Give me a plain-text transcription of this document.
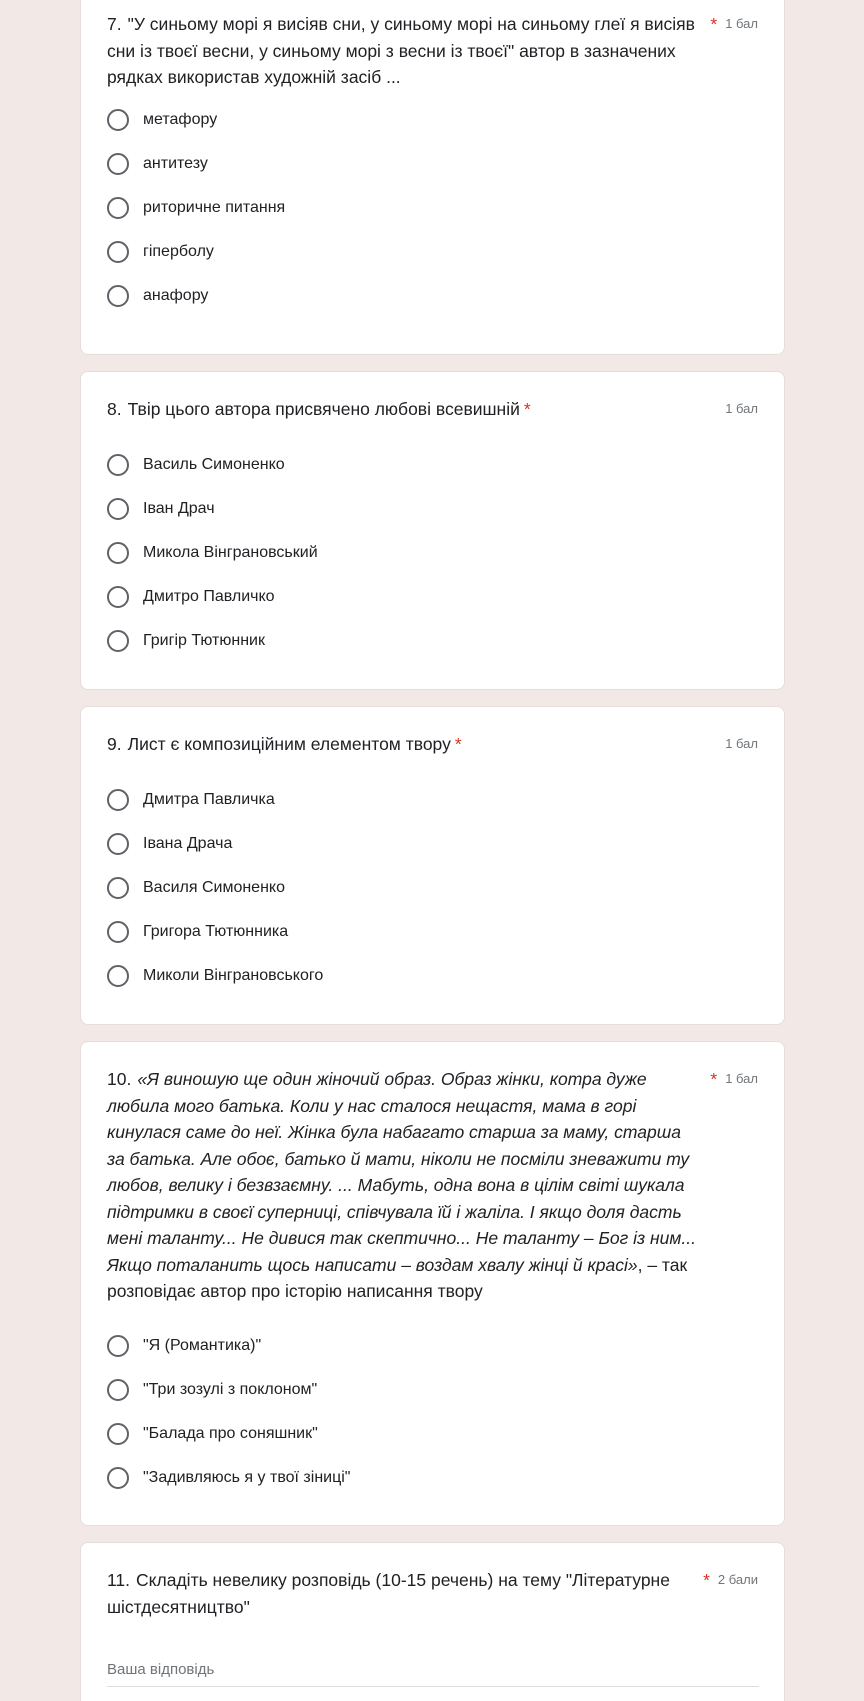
7. "У синьому морі я висіяв сни, у синьому морі на синьому глеї я висіяв сни із твоєї весни, у синьому морі з весни із твоєї" автор в зазначених рядках використав художній засіб ...
* 1 бал
метафору
антитезу
риторичне питання
гіперболу
анафору
8. Твір цього автора присвячено любові всевишній *	1 бал
Василь Симоненко
Іван Драч
Микола Вінграновський
Дмитро Павличко
Григір Тютюнник
9. Лист є композиційним елементом твору *	1 бал
Дмитра Павличка
Івана Драча
Василя Симоненко
Григора Тютюнника
Миколи Вінграновського
10. «Я виношую ще один жіночий образ. Образ жінки, котра дуже любила мого батька. Коли у нас сталося нещастя, мама в горі кинулася саме до неї. Жінка була набагато старша за маму, старша за батька. Але обоє, батько й мати, ніколи не посміли зневажити ту любов, велику і безвзаємну. ... Мабуть, одна вона в цілім світі шукала підтримки в своєї суперниці, співчувала їй і жаліла. І якщо доля дасть мені таланту... Не дивися так скептично... Не таланту – Бог із ним... Якщо поталанить щось написати – воздам хвалу жінці й красі», – так розповідає автор про історію написання твору
* 1 бал
"Я (Романтика)"
"Три зозулі з поклоном"
"Балада про соняшник"
"Задивляюсь я у твої зіниці"
11. Складіть невелику розповідь (10-15 речень) на тему "Літературне шістдесятництво"
* 2 бали
Ваша відповідь
